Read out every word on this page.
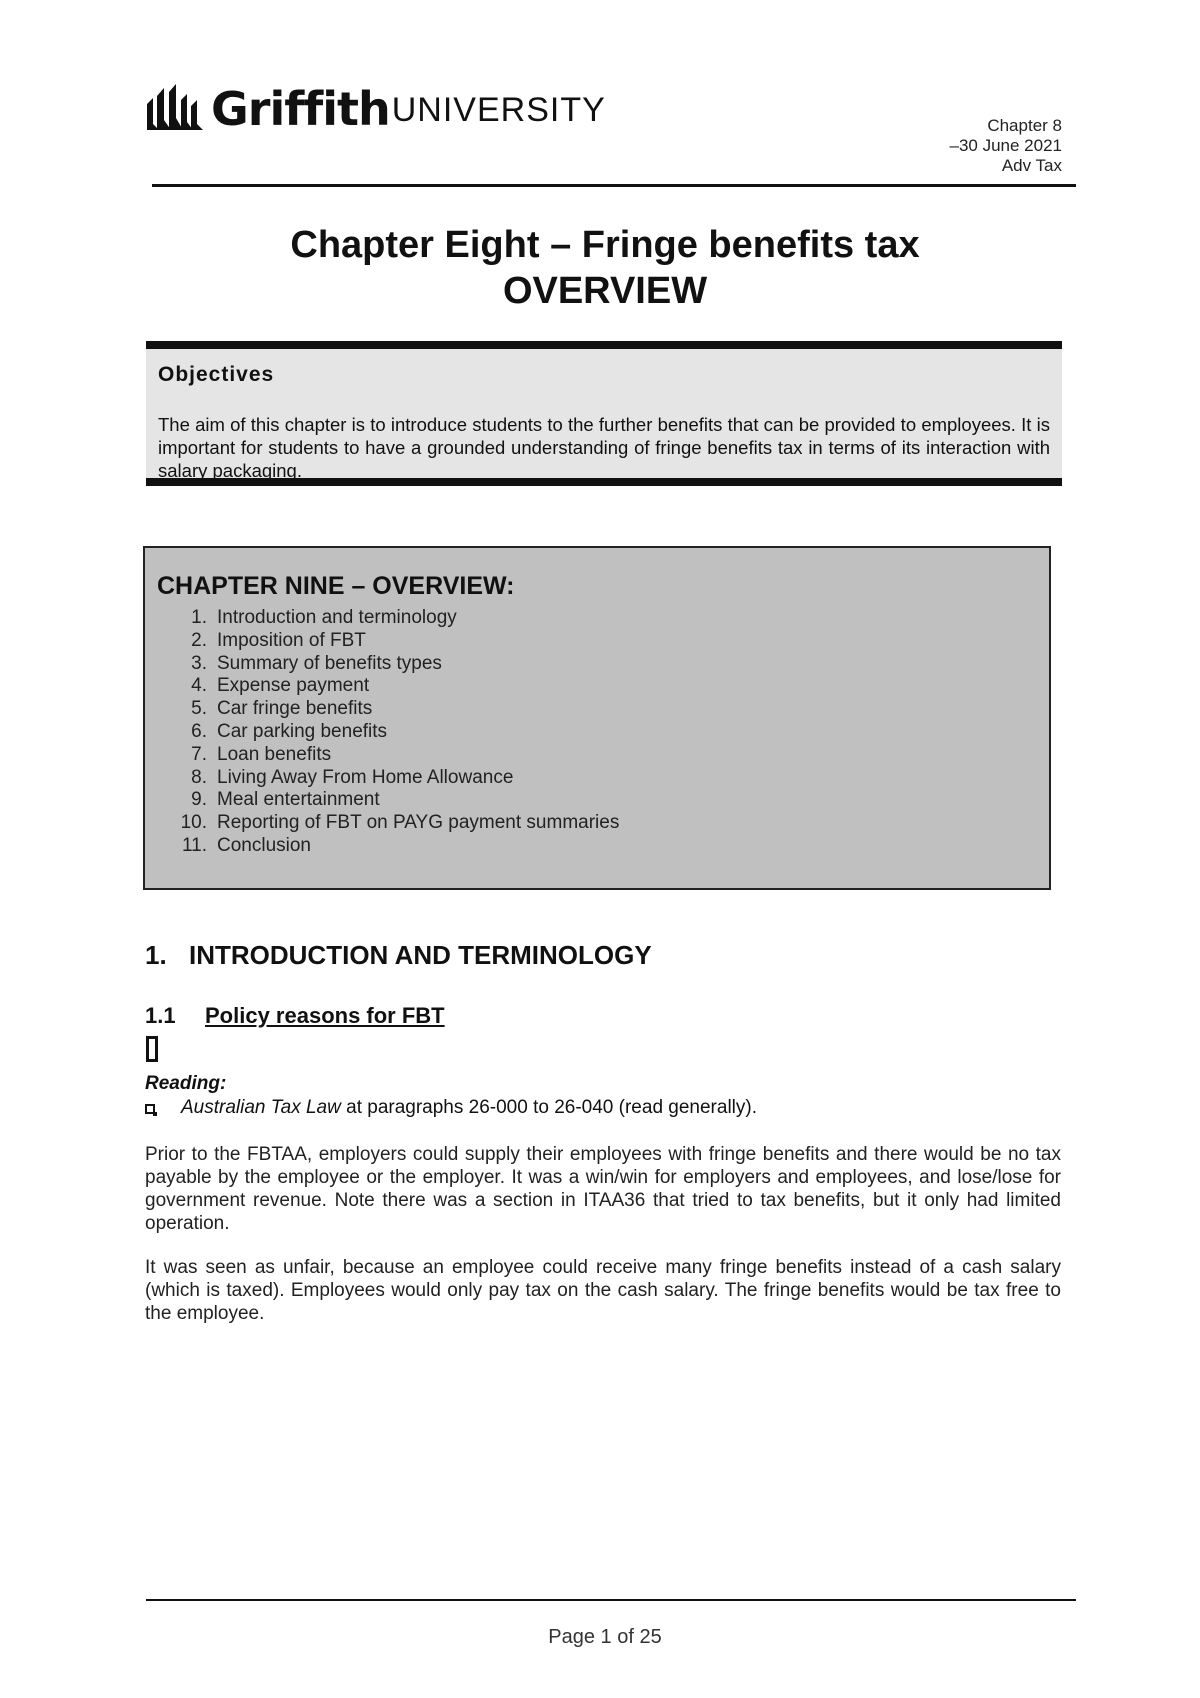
Griffith UNIVERSITY	Chapter 8
–30 June 2021
Adv Tax
Chapter Eight – Fringe benefits tax
OVERVIEW
Objectives

The aim of this chapter is to introduce students to the further benefits that can be provided to employees. It is important for students to have a grounded understanding of fringe benefits tax in terms of its interaction with salary packaging.

CHAPTER NINE – OVERVIEW:
1. Introduction and terminology
2. Imposition of FBT
3. Summary of benefits types
4. Expense payment
5. Car fringe benefits
6. Car parking benefits
7. Loan benefits
8. Living Away From Home Allowance
9. Meal entertainment
10. Reporting of FBT on PAYG payment summaries
11. Conclusion
1. INTRODUCTION AND TERMINOLOGY
1.1 Policy reasons for FBT
Reading:
Australian Tax Law at paragraphs 26-000 to 26-040 (read generally).

Prior to the FBTAA, employers could supply their employees with fringe benefits and there would be no tax payable by the employee or the employer. It was a win/win for employers and employees, and lose/lose for government revenue. Note there was a section in ITAA36 that tried to tax benefits, but it only had limited operation.

It was seen as unfair, because an employee could receive many fringe benefits instead of a cash salary (which is taxed). Employees would only pay tax on the cash salary. The fringe benefits would be tax free to the employee.

Page 1 of 25
